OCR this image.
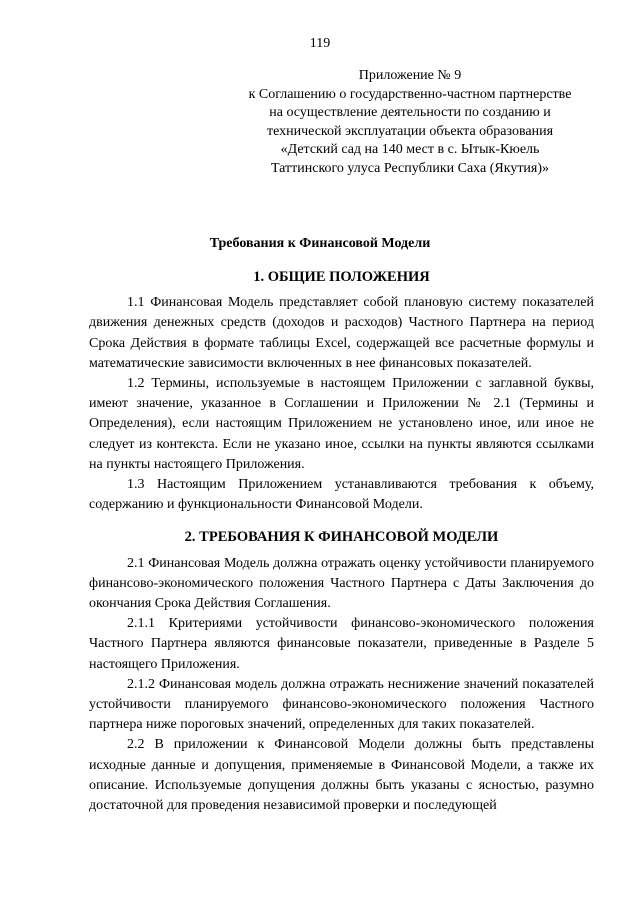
119
Приложение № 9
к Соглашению о государственно-частном партнерстве
на осуществление деятельности по созданию и
технической эксплуатации объекта образования
«Детский сад на 140 мест в с. Ытык-Кюель
Таттинского улуса Республики Саха (Якутия)»
Требования к Финансовой Модели
1. ОБЩИЕ ПОЛОЖЕНИЯ

1.1 Финансовая Модель представляет собой плановую систему показателей движения денежных средств (доходов и расходов) Частного Партнера на период Срока Действия в формате таблицы Excel, содержащей все расчетные формулы и математические зависимости включенных в нее финансовых показателей.

1.2 Термины, используемые в настоящем Приложении с заглавной буквы, имеют значение, указанное в Соглашении и Приложении № 2.1 (Термины и Определения), если настоящим Приложением не установлено иное, или иное не следует из контекста. Если не указано иное, ссылки на пункты являются ссылками на пункты настоящего Приложения.

1.3 Настоящим Приложением устанавливаются требования к объему, содержанию и функциональности Финансовой Модели.

2. ТРЕБОВАНИЯ К ФИНАНСОВОЙ МОДЕЛИ

2.1 Финансовая Модель должна отражать оценку устойчивости планируемого финансово-экономического положения Частного Партнера с Даты Заключения до окончания Срока Действия Соглашения.

2.1.1 Критериями устойчивости финансово-экономического положения Частного Партнера являются финансовые показатели, приведенные в Разделе 5 настоящего Приложения.

2.1.2 Финансовая модель должна отражать неснижение значений показателей устойчивости планируемого финансово-экономического положения Частного партнера ниже пороговых значений, определенных для таких показателей.

2.2 В приложении к Финансовой Модели должны быть представлены исходные данные и допущения, применяемые в Финансовой Модели, а также их описание. Используемые допущения должны быть указаны с ясностью, разумно достаточной для проведения независимой проверки и последующей
